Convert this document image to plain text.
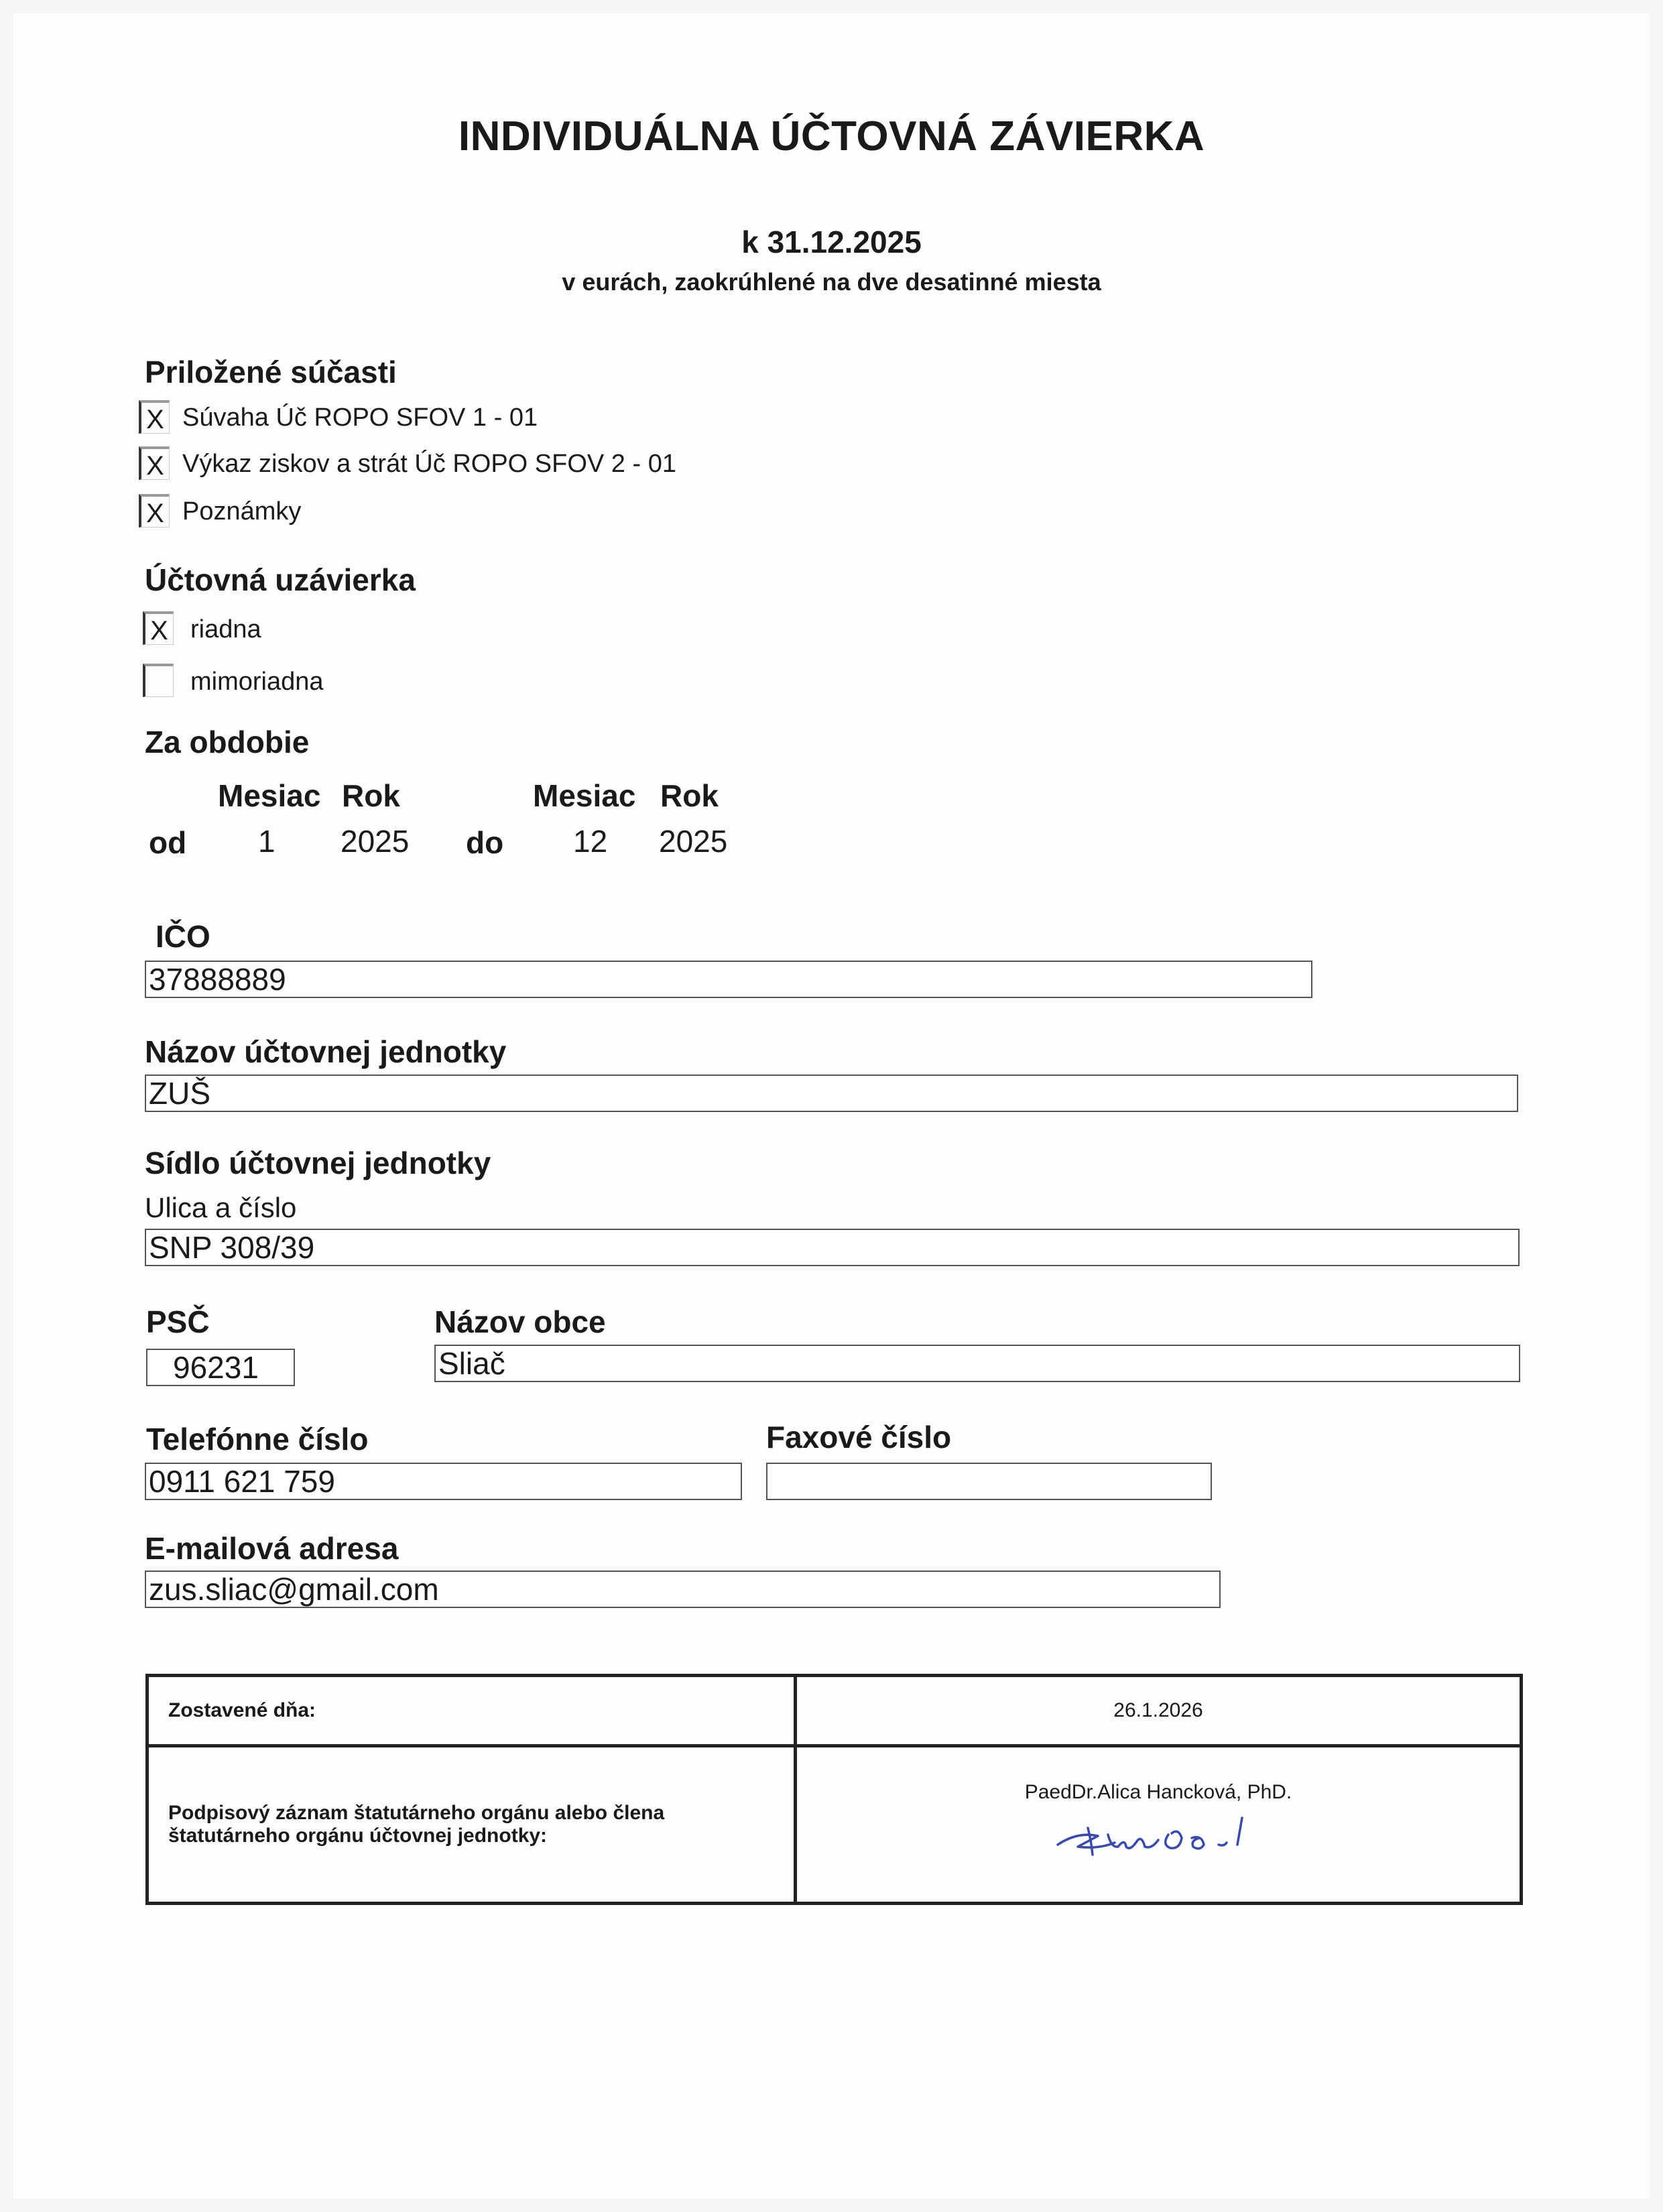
INDIVIDUÁLNA ÚČTOVNÁ ZÁVIERKA
k 31.12.2025
v eurách, zaokrúhlené na dve desatinné miesta
Priložené súčasti
X Súvaha Úč ROPO SFOV 1 - 01
X Výkaz ziskov a strát Úč ROPO SFOV 2 - 01
X Poznámky
Účtovná uzávierka
X riadna
mimoriadna
Za obdobie
Mesiac Rok	Mesiac Rok
od 1 2025 do 12 2025
IČO
37888889
Názov účtovnej jednotky
ZUŠ
Sídlo účtovnej jednotky
Ulica a číslo
SNP 308/39
PSČ
96231
Názov obce
Sliač
Telefónne číslo
0911 621 759
Faxové číslo
E-mailová adresa
zus.sliac@gmail.com
Zostavené dňa:	26.1.2026

Podpisový záznam štatutárneho orgánu alebo člena
štatutárneho orgánu účtovnej jednotky:	PaedDr.Alica Hancková, PhD.
